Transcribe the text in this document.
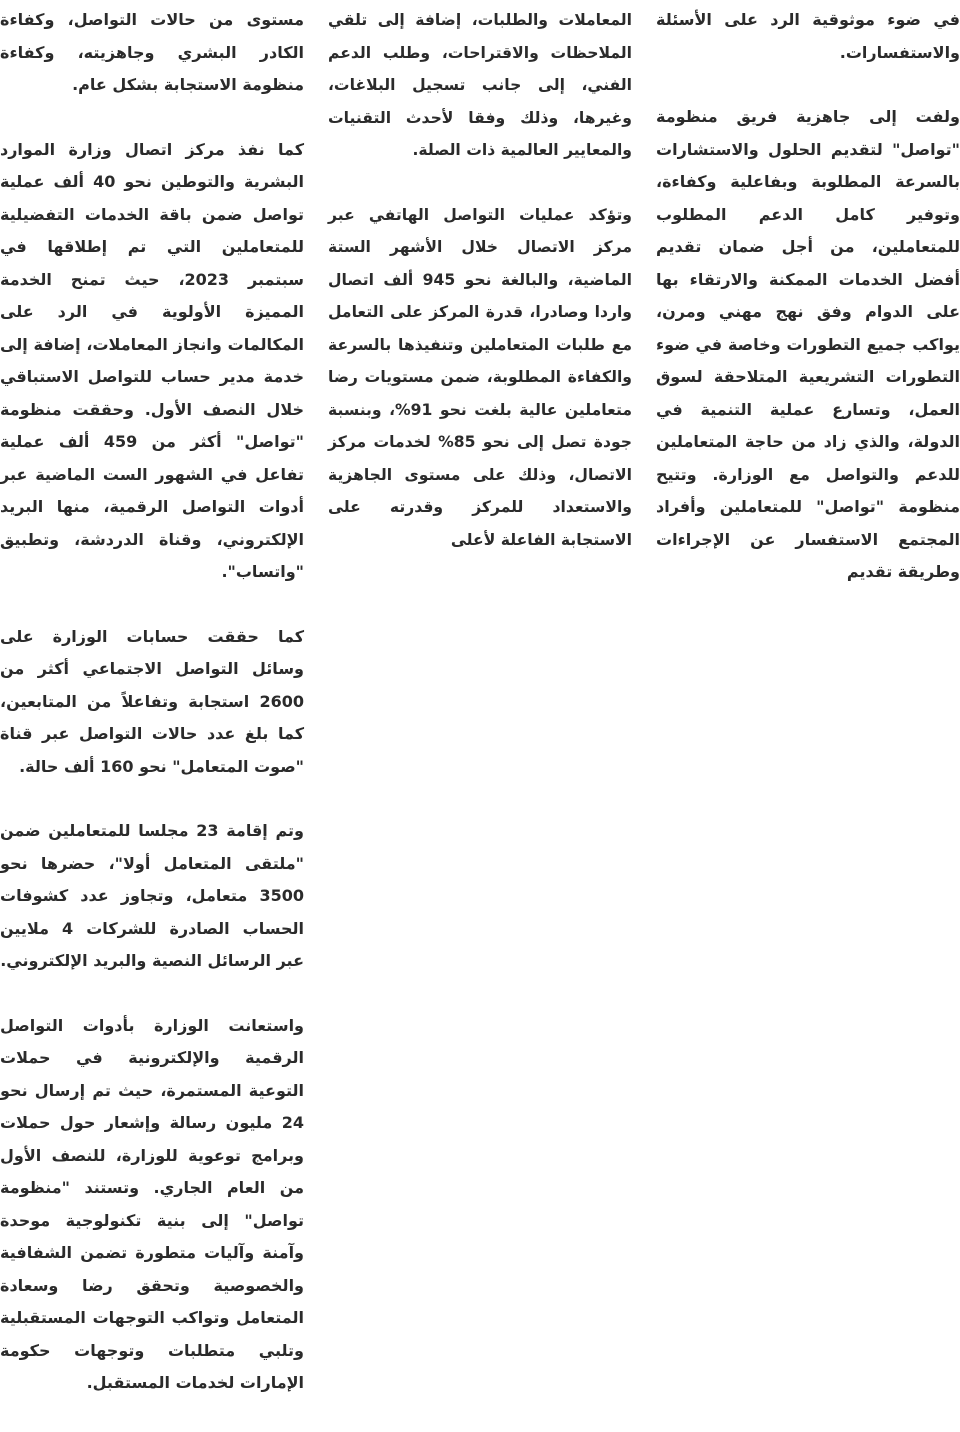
في ضوء موثوقية الرد على الأسئلة والاستفسارات.

ولفت إلى جاهزية فريق منظومة "تواصل" لتقديم الحلول والاستشارات بالسرعة المطلوبة وبفاعلية وكفاءة، وتوفير كامل الدعم المطلوب للمتعاملين، من أجل ضمان تقديم أفضل الخدمات الممكنة والارتقاء بها على الدوام وفق نهج مهني ومرن، يواكب جميع التطورات وخاصة في ضوء التطورات التشريعية المتلاحقة لسوق العمل، وتسارع عملية التنمية في الدولة، والذي زاد من حاجة المتعاملين للدعم والتواصل مع الوزارة. وتتيح منظومة "تواصل" للمتعاملين وأفراد المجتمع الاستفسار عن الإجراءات وطريقة تقديم

المعاملات والطلبات، إضافة إلى تلقي الملاحظات والاقتراحات، وطلب الدعم الفني، إلى جانب تسجيل البلاغات، وغيرها، وذلك وفقا لأحدث التقنيات والمعايير العالمية ذات الصلة.

وتؤكد عمليات التواصل الهاتفي عبر مركز الاتصال خلال الأشهر الستة الماضية، والبالغة نحو 945 ألف اتصال واردا وصادرا، قدرة المركز على التعامل مع طلبات المتعاملين وتنفيذها بالسرعة والكفاءة المطلوبة، ضمن مستويات رضا متعاملين عالية بلغت نحو 91%، وبنسبة جودة تصل إلى نحو 85% لخدمات مركز الاتصال، وذلك على مستوى الجاهزية والاستعداد للمركز وقدرته على الاستجابة الفاعلة لأعلى

مستوى من حالات التواصل، وكفاءة الكادر البشري وجاهزيته، وكفاءة منظومة الاستجابة بشكل عام.

كما نفذ مركز اتصال وزارة الموارد البشرية والتوطين نحو 40 ألف عملية تواصل ضمن باقة الخدمات التفضيلية للمتعاملين التي تم إطلاقها في سبتمبر 2023، حيث تمنح الخدمة المميزة الأولوية في الرد على المكالمات وانجاز المعاملات، إضافة إلى خدمة مدير حساب للتواصل الاستباقي خلال النصف الأول. وحققت منظومة "تواصل" أكثر من 459 ألف عملية تفاعل في الشهور الست الماضية عبر أدوات التواصل الرقمية، منها البريد الإلكتروني، وقناة الدردشة، وتطبيق "واتساب".

كما حققت حسابات الوزارة على وسائل التواصل الاجتماعي أكثر من 2600 استجابة وتفاعلاً من المتابعين، كما بلغ عدد حالات التواصل عبر قناة "صوت المتعامل" نحو 160 ألف حالة.

وتم إقامة 23 مجلسا للمتعاملين ضمن "ملتقى المتعامل أولا"، حضرها نحو 3500 متعامل، وتجاوز عدد كشوفات الحساب الصادرة للشركات 4 ملايين عبر الرسائل النصية والبريد الإلكتروني.

واستعانت الوزارة بأدوات التواصل الرقمية والإلكترونية في حملات التوعية المستمرة، حيث تم إرسال نحو 24 مليون رسالة وإشعار حول حملات وبرامج توعوية للوزارة، للنصف الأول من العام الجاري. وتستند "منظومة تواصل" إلى بنية تكنولوجية موحدة وآمنة وآليات متطورة تضمن الشفافية والخصوصية وتحقق رضا وسعادة المتعامل وتواكب التوجهات المستقبلية وتلبي متطلبات وتوجهات حكومة الإمارات لخدمات المستقبل.
